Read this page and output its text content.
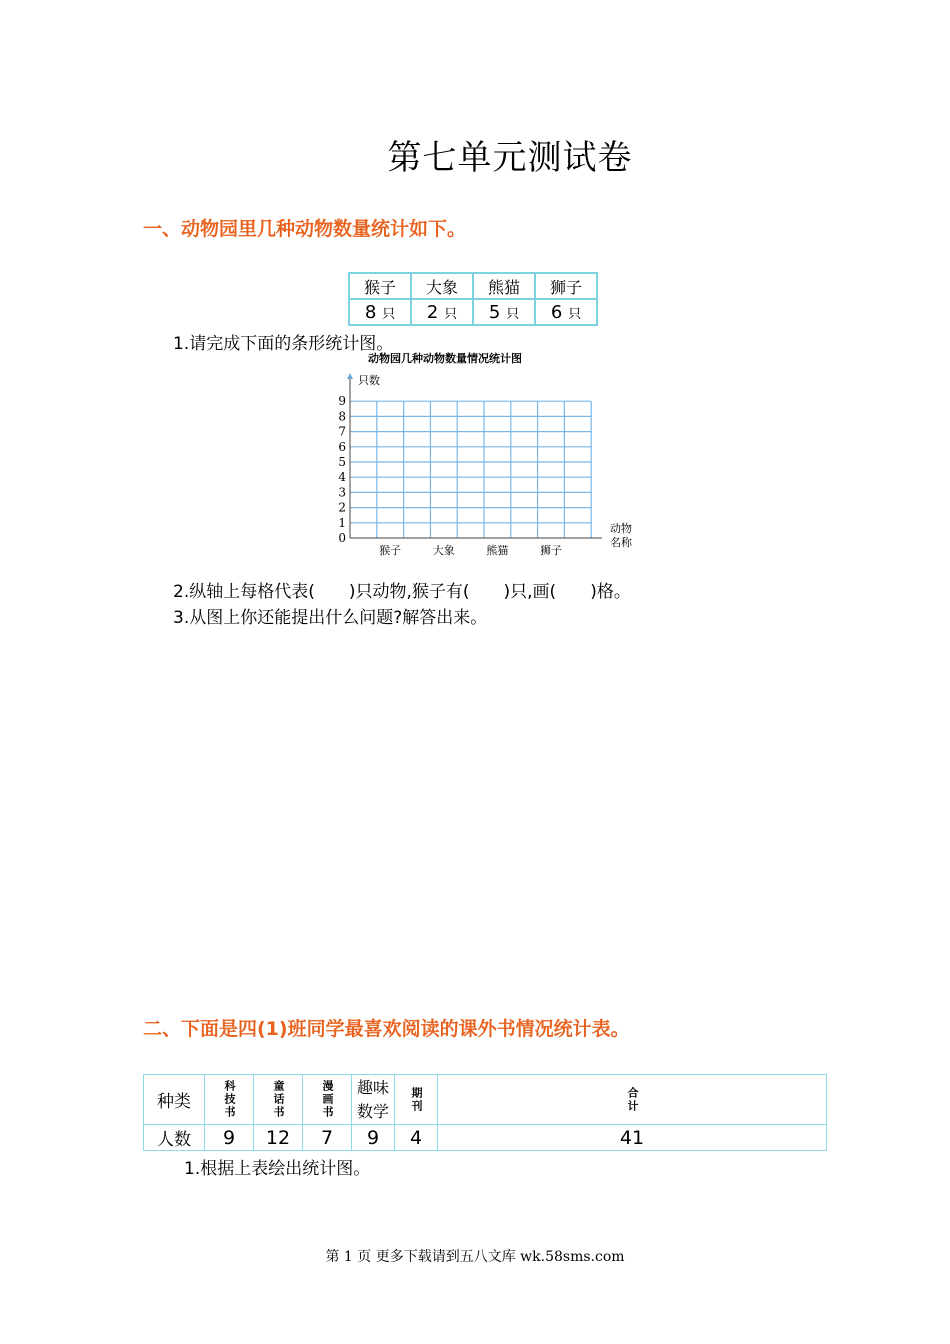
第七单元测试卷
一、动物园里几种动物数量统计如下。
猴子	大象	熊猫	狮子
8 只	2 只	5 只	6 只
1.请完成下面的条形统计图。
动物园几种动物数量情况统计图
0
1
2
3
4
5
6
7
8
9
猴子	大象	熊猫	狮子
只数
动物
名称
2.纵轴上每格代表(　　)只动物,猴子有(　　)只,画(　　)格。
3.从图上你还能提出什么问题?解答出来。
二、下面是四(1)班同学最喜欢阅读的课外书情况统计表。
种类	科技书	童话书	漫画书	趣味数学	期刊	合计

人数	9	12	7	9	4	41
1.根据上表绘出统计图。
第 1 页 更多下载请到五八文库 wk.58sms.com
